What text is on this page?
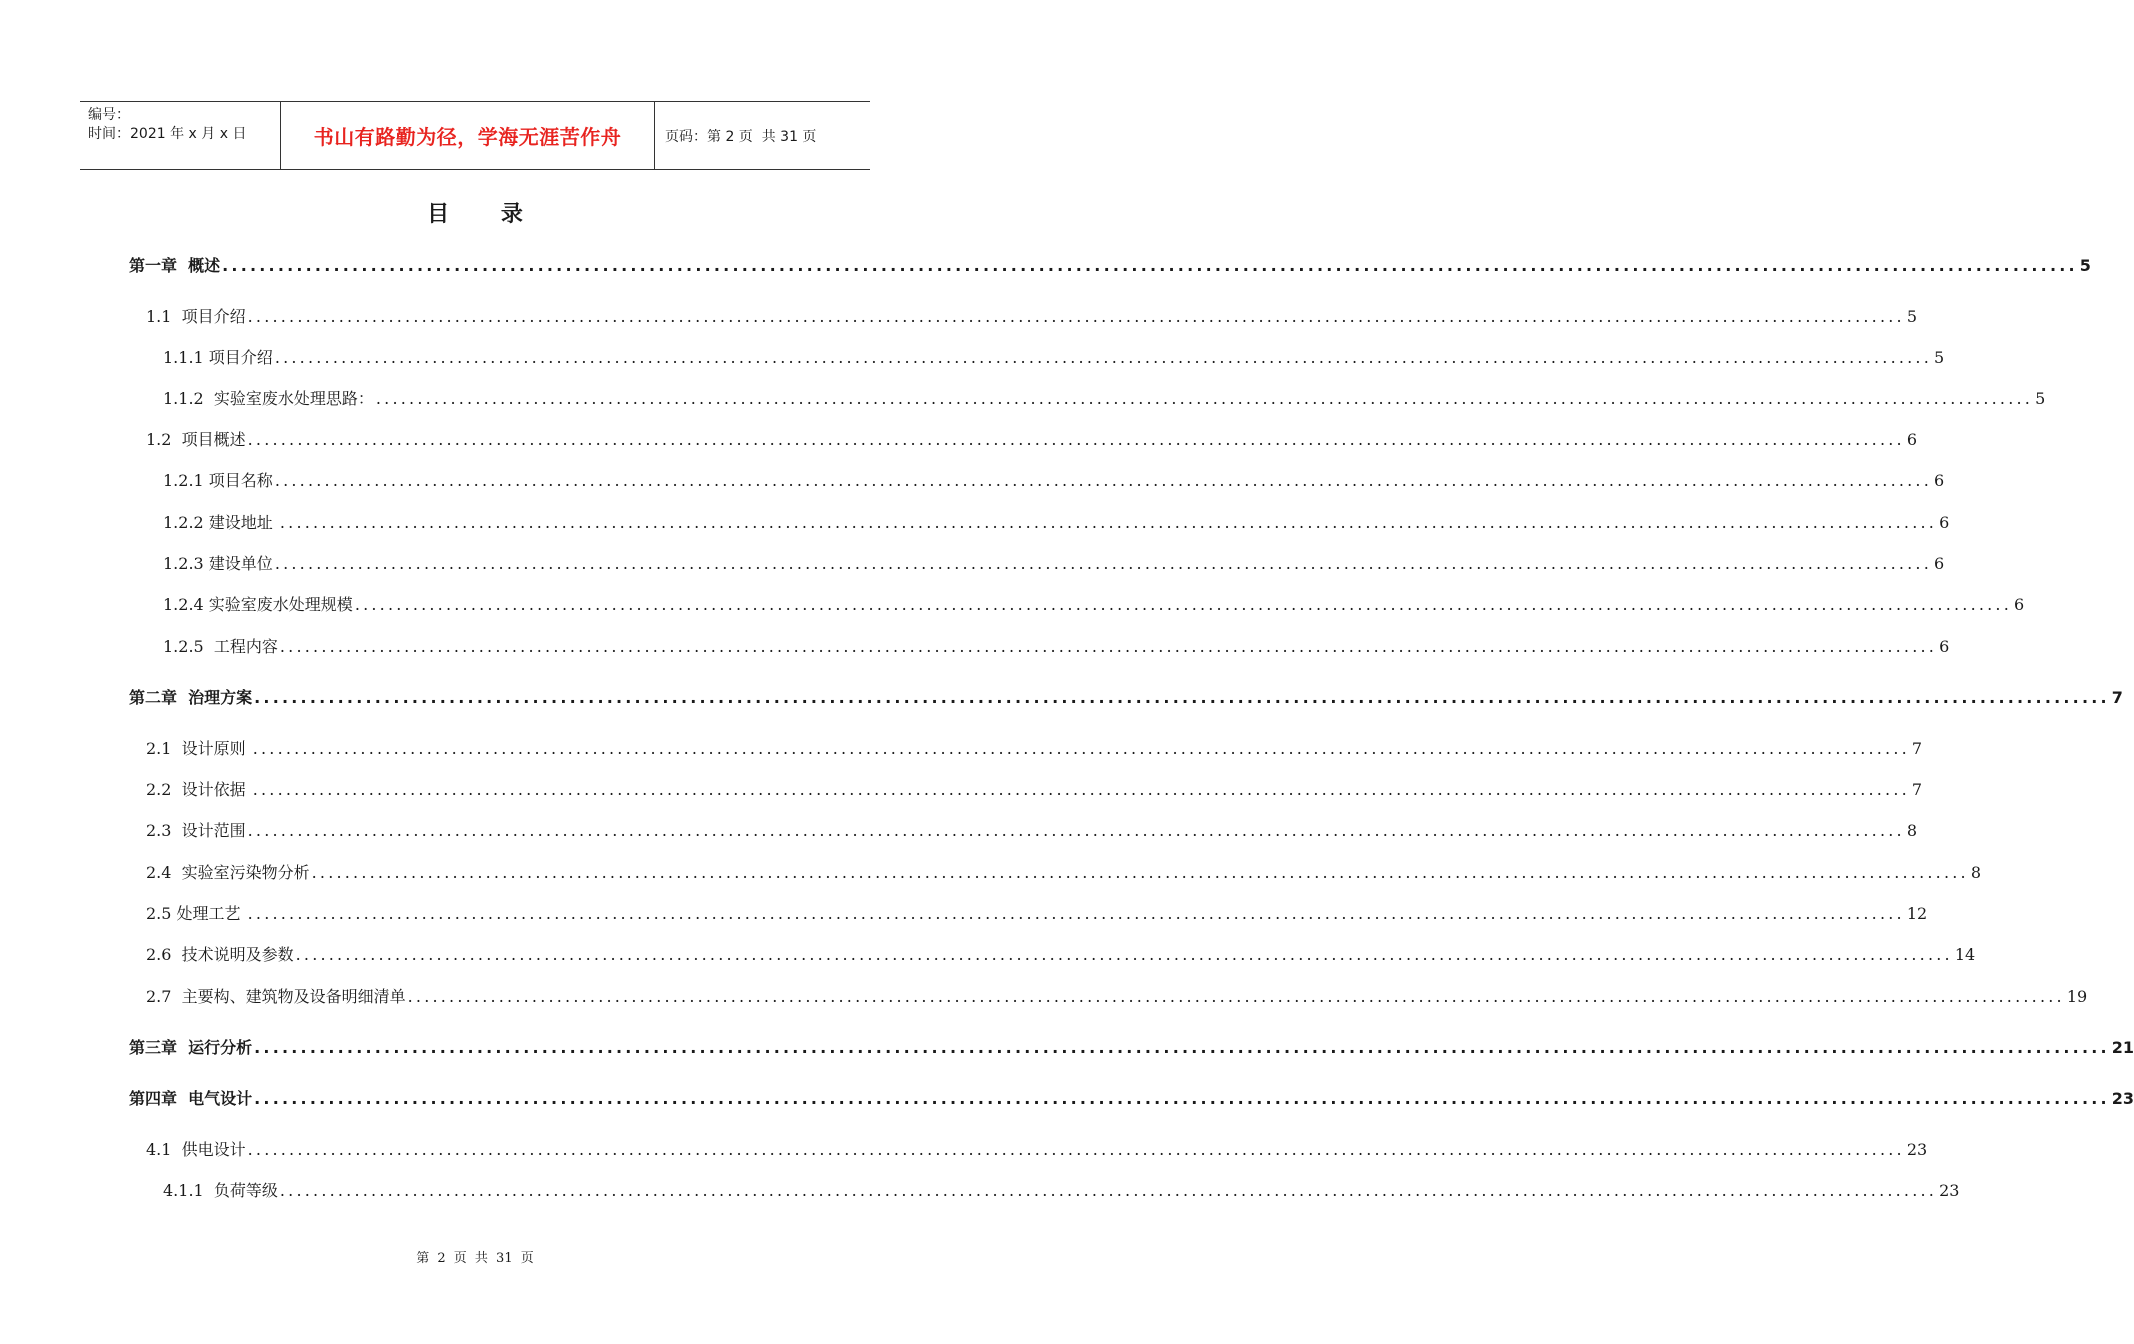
编号：
时间：2021 年 x 月 x 日	书山有路勤为径，学海无涯苦作舟	页码：第 2 页  共 31 页
目 录
第一章  概述 ........................................................................................................................................................................................................ 5
1.1  项目介绍 ........................................................................................................................................................................................................ 5
1.1.1 项目介绍 ........................................................................................................................................................................................................ 5
1.1.2  实验室废水处理思路： ........................................................................................................................................................................................................ 5
1.2  项目概述 ........................................................................................................................................................................................................ 6
1.2.1 项目名称 ........................................................................................................................................................................................................ 6
1.2.2 建设地址 ........................................................................................................................................................................................................ 6
1.2.3 建设单位 ........................................................................................................................................................................................................ 6
1.2.4 实验室废水处理规模 ........................................................................................................................................................................................................ 6
1.2.5  工程内容 ........................................................................................................................................................................................................ 6
第二章  治理方案 ........................................................................................................................................................................................................ 7
2.1  设计原则 ........................................................................................................................................................................................................ 7
2.2  设计依据 ........................................................................................................................................................................................................ 7
2.3  设计范围 ........................................................................................................................................................................................................ 8
2.4  实验室污染物分析 ........................................................................................................................................................................................................ 8
2.5 处理工艺 ........................................................................................................................................................................................................ 12
2.6  技术说明及参数 ........................................................................................................................................................................................................ 14
2.7  主要构、建筑物及设备明细清单 ........................................................................................................................................................................................................ 19
第三章  运行分析 ........................................................................................................................................................................................................ 21
第四章  电气设计 ........................................................................................................................................................................................................ 23
4.1  供电设计 ........................................................................................................................................................................................................ 23
4.1.1  负荷等级 ........................................................................................................................................................................................................ 23
第 2 页 共 31 页
